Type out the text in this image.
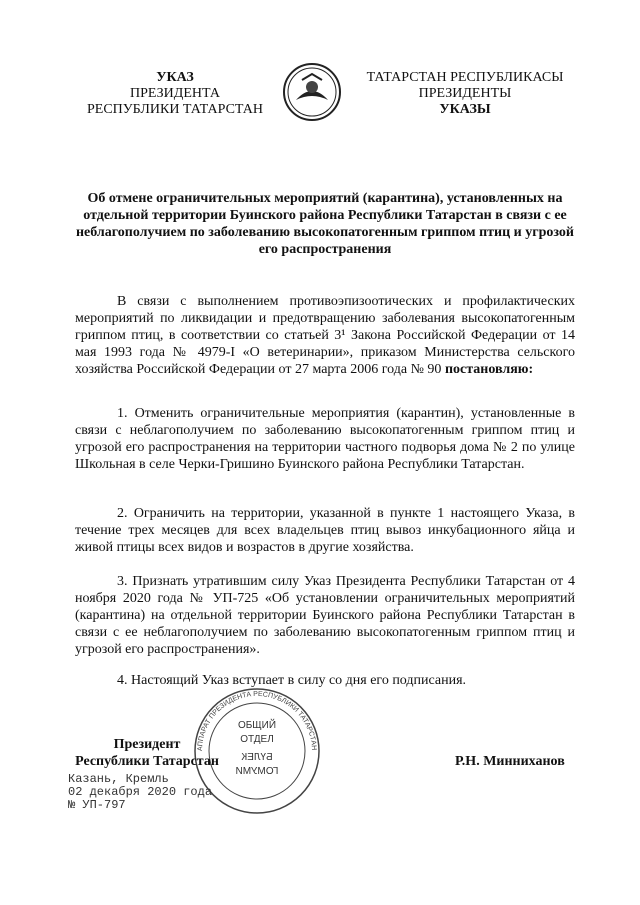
УКАЗ
ПРЕЗИДЕНТА
РЕСПУБЛИКИ ТАТАРСТАН
ТАТАРСТАН РЕСПУБЛИКАСЫ
ПРЕЗИДЕНТЫ
УКАЗЫ
Об отмене ограничительных мероприятий (карантина), установленных на отдельной территории Буинского района Республики Татарстан в связи с ее неблагополучием по заболеванию высокопатогенным гриппом птиц и угрозой его распространения
В связи с выполнением противоэпизоотических и профилактических мероприятий по ликвидации и предотвращению заболевания высокопатогенным гриппом птиц, в соответствии со статьей 3¹ Закона Российской Федерации от 14 мая 1993 года № 4979-I «О ветеринарии», приказом Министерства сельского хозяйства Российской Федерации от 27 марта 2006 года № 90 постановляю:
1. Отменить ограничительные мероприятия (карантин), установленные в связи с неблагополучием по заболеванию высокопатогенным гриппом птиц и угрозой его распространения на территории частного подворья дома № 2 по улице Школьная в селе Черки-Гришино Буинского района Республики Татарстан.
2. Ограничить на территории, указанной в пункте 1 настоящего Указа, в течение трех месяцев для всех владельцев птиц вывоз инкубационного яйца и живой птицы всех видов и возрастов в другие хозяйства.
3. Признать утратившим силу Указ Президента Республики Татарстан от 4 ноября 2020 года № УП-725 «Об установлении ограничительных мероприятий (карантина) на отдельной территории Буинского района Республики Татарстан в связи с ее неблагополучием по заболеванию высокопатогенным гриппом птиц и угрозой его распространения».
4. Настоящий Указ вступает в силу со дня его подписания.
АППАРАТ ПРЕЗИДЕНТА РЕСПУБЛИКИ ТАТАРСТАН
ОБЩИЙ
ОТДЕЛ
БҮЛЕК
ГОМУМИ
Президент
Республики Татарстан	Р.Н. Минниханов
Казань, Кремль
02 декабря 2020 года
№ УП-797
